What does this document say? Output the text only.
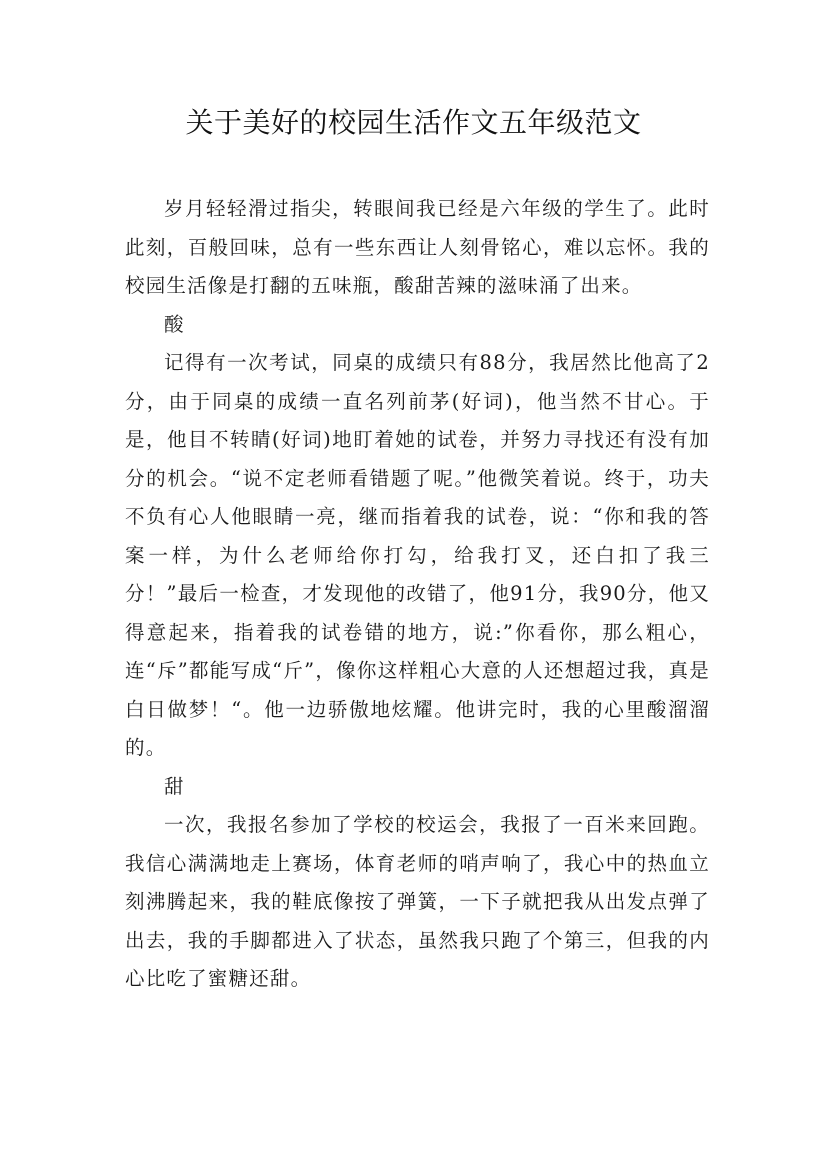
关于美好的校园生活作文五年级范文

岁月轻轻滑过指尖，转眼间我已经是六年级的学生了。此时此刻，百般回味，总有一些东西让人刻骨铭心，难以忘怀。我的校园生活像是打翻的五味瓶，酸甜苦辣的滋味涌了出来。

酸

记得有一次考试，同桌的成绩只有88分，我居然比他高了2分，由于同桌的成绩一直名列前茅(好词)，他当然不甘心。于是，他目不转睛(好词)地盯着她的试卷，并努力寻找还有没有加分的机会。“说不定老师看错题了呢。”他微笑着说。终于，功夫不负有心人他眼睛一亮，继而指着我的试卷，说：“你和我的答案一样，为什么老师给你打勾，给我打叉，还白扣了我三分！”最后一检查，才发现他的改错了，他91分，我90分，他又得意起来，指着我的试卷错的地方，说:”你看你，那么粗心，连“斥”都能写成“斤”，像你这样粗心大意的人还想超过我，真是白日做梦！“。他一边骄傲地炫耀。他讲完时，我的心里酸溜溜的。

甜

一次，我报名参加了学校的校运会，我报了一百米来回跑。我信心满满地走上赛场，体育老师的哨声响了，我心中的热血立刻沸腾起来，我的鞋底像按了弹簧，一下子就把我从出发点弹了出去，我的手脚都进入了状态，虽然我只跑了个第三，但我的内心比吃了蜜糖还甜。
